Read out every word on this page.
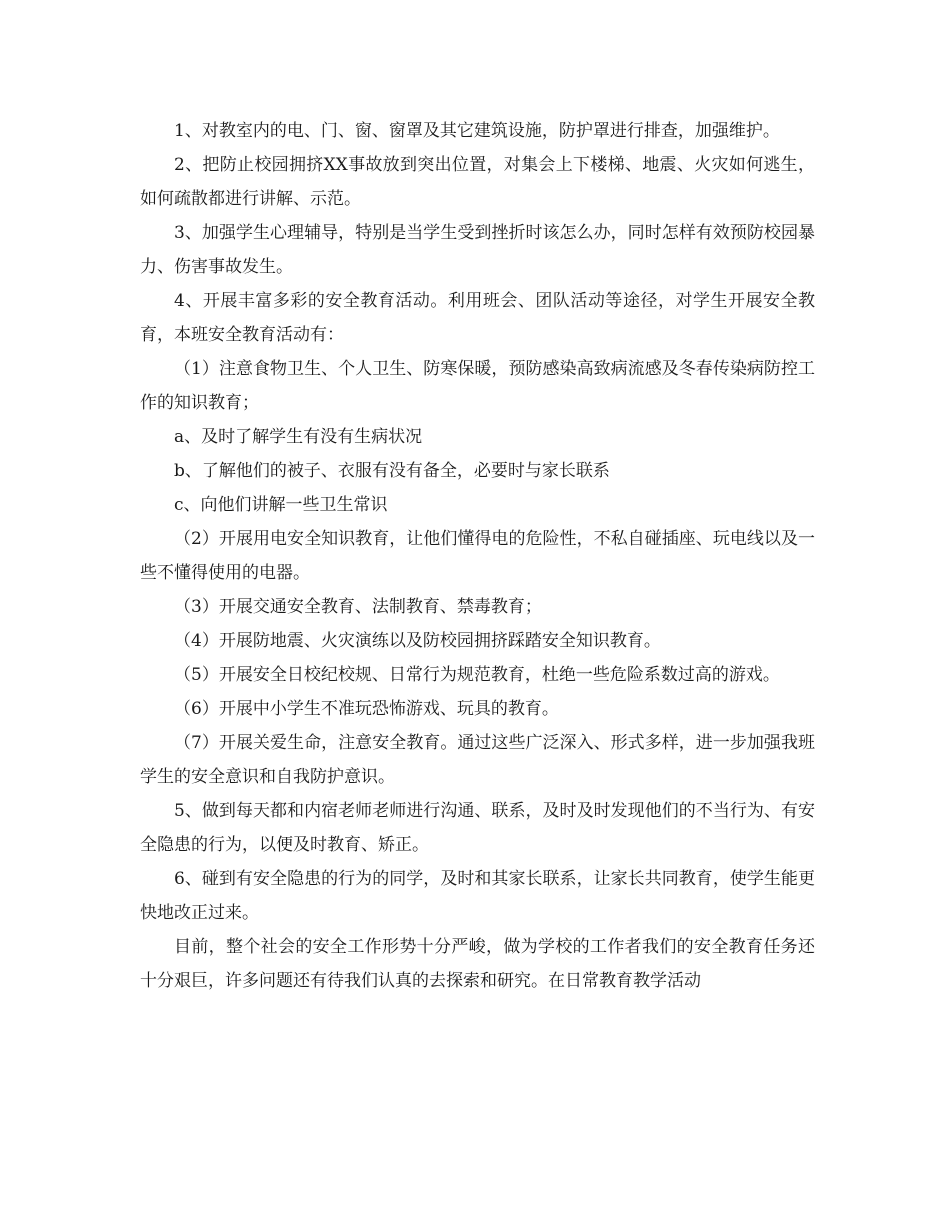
1、对教室内的电、门、窗、窗罩及其它建筑设施，防护罩进行排查，加强维护。

2、把防止校园拥挤XX事故放到突出位置，对集会上下楼梯、地震、火灾如何逃生，如何疏散都进行讲解、示范。

3、加强学生心理辅导，特别是当学生受到挫折时该怎么办，同时怎样有效预防校园暴力、伤害事故发生。

4、开展丰富多彩的安全教育活动。利用班会、团队活动等途径，对学生开展安全教育，本班安全教育活动有：

（1）注意食物卫生、个人卫生、防寒保暖，预防感染高致病流感及冬春传染病防控工作的知识教育；

a、及时了解学生有没有生病状况

b、了解他们的被子、衣服有没有备全，必要时与家长联系

c、向他们讲解一些卫生常识

（2）开展用电安全知识教育，让他们懂得电的危险性，不私自碰插座、玩电线以及一些不懂得使用的电器。

（3）开展交通安全教育、法制教育、禁毒教育；

（4）开展防地震、火灾演练以及防校园拥挤踩踏安全知识教育。

（5）开展安全日校纪校规、日常行为规范教育，杜绝一些危险系数过高的游戏。

（6）开展中小学生不准玩恐怖游戏、玩具的教育。

（7）开展关爱生命，注意安全教育。通过这些广泛深入、形式多样，进一步加强我班学生的安全意识和自我防护意识。

5、做到每天都和内宿老师老师进行沟通、联系，及时及时发现他们的不当行为、有安全隐患的行为，以便及时教育、矫正。

6、碰到有安全隐患的行为的同学，及时和其家长联系，让家长共同教育，使学生能更快地改正过来。

目前，整个社会的安全工作形势十分严峻，做为学校的工作者我们的安全教育任务还十分艰巨，许多问题还有待我们认真的去探索和研究。在日常教育教学活动
